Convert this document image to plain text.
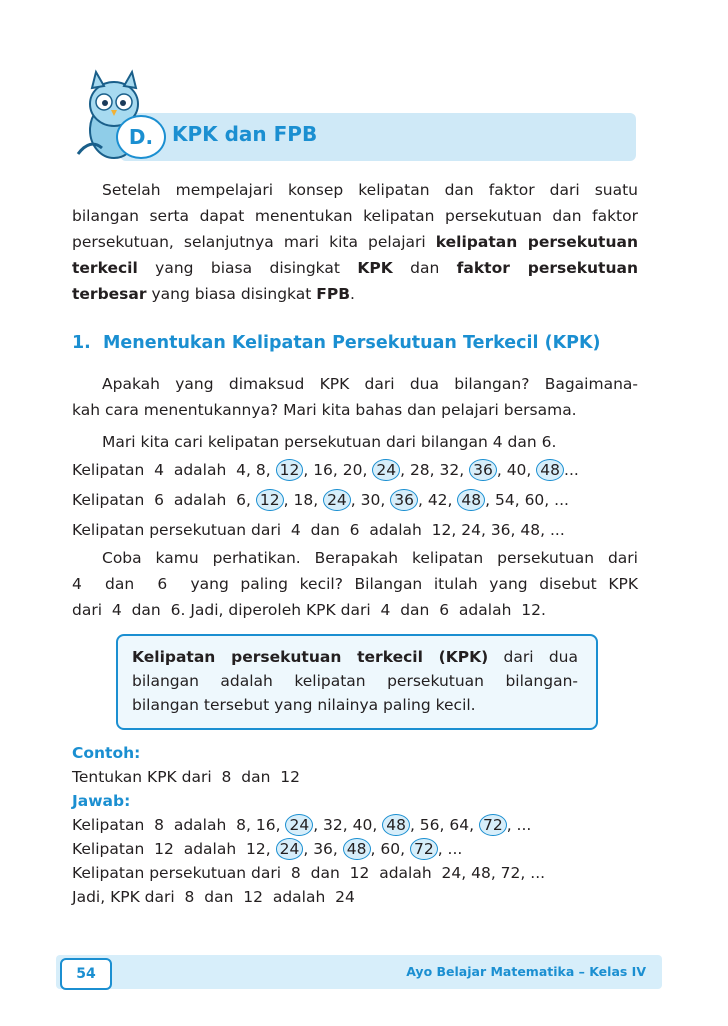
D. KPK dan FPB
Setelah mempelajari konsep kelipatan dan faktor dari suatu
bilangan serta dapat menentukan kelipatan persekutuan dan faktor
persekutuan, selanjutnya mari kita pelajari kelipatan persekutuan
terkecil yang biasa disingkat KPK dan faktor persekutuan
terbesar yang biasa disingkat FPB.
1.  Menentukan Kelipatan Persekutuan Terkecil (KPK)
Apakah yang dimaksud KPK dari dua bilangan? Bagaimana-
kah cara menentukannya? Mari kita bahas dan pelajari bersama.
Mari kita cari kelipatan persekutuan dari bilangan 4 dan 6.
Kelipatan  4  adalah  4, 8, 12 , 16, 20, 24 , 28, 32, 36 , 40, 48 ...
Kelipatan  6  adalah  6, 12 , 18, 24 , 30, 36 , 42, 48 , 54, 60, ...
Kelipatan persekutuan dari  4  dan  6  adalah  12, 24, 36, 48, ...
Coba kamu perhatikan. Berapakah kelipatan persekutuan dari
4  dan  6  yang paling kecil? Bilangan itulah yang disebut KPK
dari  4  dan  6. Jadi, diperoleh KPK dari  4  dan  6  adalah  12.
Kelipatan persekutuan terkecil (KPK) dari dua
bilangan adalah kelipatan persekutuan bilangan-
bilangan tersebut yang nilainya paling kecil.
Contoh:
Tentukan KPK dari  8  dan  12
Jawab:
Kelipatan  8  adalah  8, 16, 24 , 32, 40, 48 , 56, 64, 72 , ...
Kelipatan  12  adalah  12, 24 , 36, 48 , 60, 72 , ...
Kelipatan persekutuan dari  8  dan  12  adalah  24, 48, 72, ...
Jadi, KPK dari  8  dan  12  adalah  24
54	Ayo Belajar Matematika – Kelas IV
